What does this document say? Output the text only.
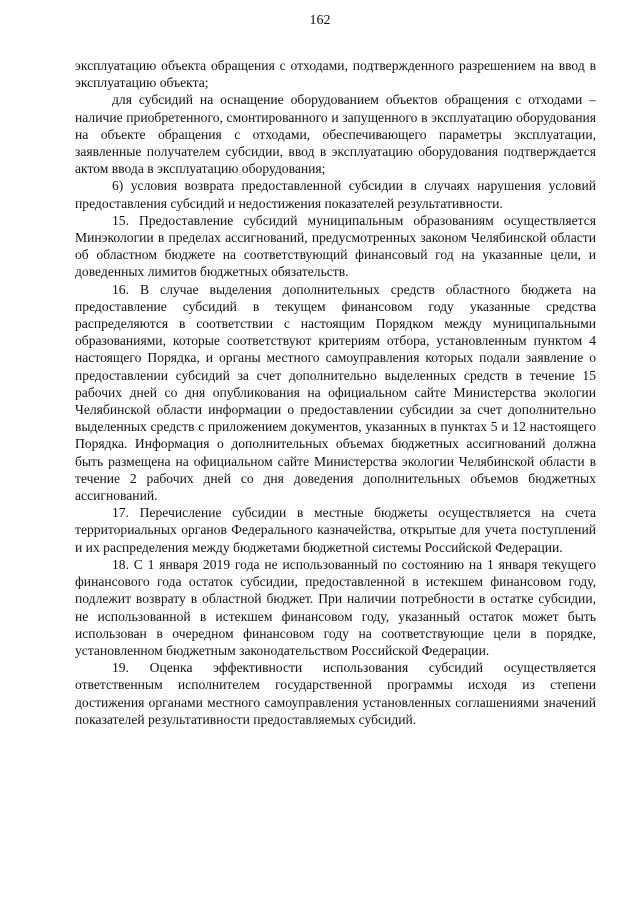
162

эксплуатацию объекта обращения с отходами, подтвержденного разрешением на ввод в эксплуатацию объекта;

для субсидий на оснащение оборудованием объектов обращения с отходами – наличие приобретенного, смонтированного и запущенного в эксплуатацию оборудования на объекте обращения с отходами, обеспечивающего параметры эксплуатации, заявленные получателем субсидии, ввод в эксплуатацию оборудования подтверждается актом ввода в эксплуатацию оборудования;

6) условия возврата предоставленной субсидии в случаях нарушения условий предоставления субсидий и недостижения показателей результативности.

15. Предоставление субсидий муниципальным образованиям осуществляется Минэкологии в пределах ассигнований, предусмотренных законом Челябинской области об областном бюджете на соответствующий финансовый год на указанные цели, и доведенных лимитов бюджетных обязательств.

16. В случае выделения дополнительных средств областного бюджета на предоставление субсидий в текущем финансовом году указанные средства распределяются в соответствии с настоящим Порядком между муниципальными образованиями, которые соответствуют критериям отбора, установленным пунктом 4 настоящего Порядка, и органы местного самоуправления которых подали заявление о предоставлении субсидий за счет дополнительно выделенных средств в течение 15 рабочих дней со дня опубликования на официальном сайте Министерства экологии Челябинской области информации о предоставлении субсидии за счет дополнительно выделенных средств с приложением документов, указанных в пунктах 5 и 12 настоящего Порядка. Информация о дополнительных объемах бюджетных ассигнований должна быть размещена на официальном сайте Министерства экологии Челябинской области в течение 2 рабочих дней со дня доведения дополнительных объемов бюджетных ассигнований.

17. Перечисление субсидии в местные бюджеты осуществляется на счета территориальных органов Федерального казначейства, открытые для учета поступлений и их распределения между бюджетами бюджетной системы Российской Федерации.

18. С 1 января 2019 года не использованный по состоянию на 1 января текущего финансового года остаток субсидии, предоставленной в истекшем финансовом году, подлежит возврату в областной бюджет. При наличии потребности в остатке субсидии, не использованной в истекшем финансовом году, указанный остаток может быть использован в очередном финансовом году на соответствующие цели в порядке, установленном бюджетным законодательством Российской Федерации.

19. Оценка эффективности использования субсидий осуществляется ответственным исполнителем государственной программы исходя из степени достижения органами местного самоуправления установленных соглашениями значений показателей результативности предоставляемых субсидий.
